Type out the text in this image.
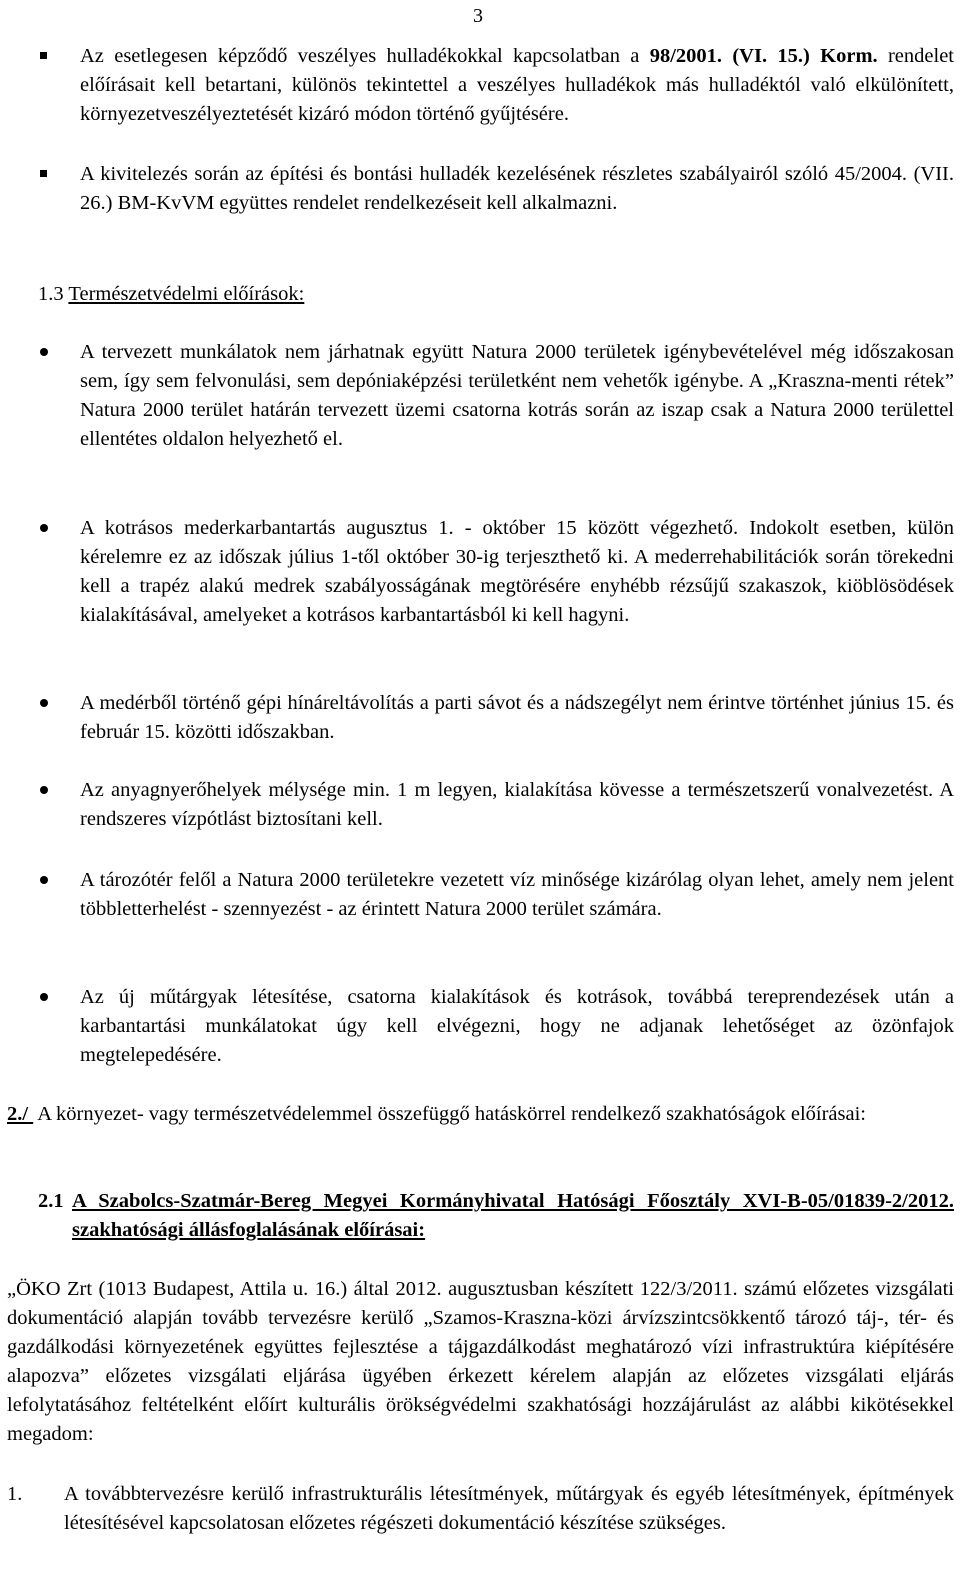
3
Az esetlegesen képződő veszélyes hulladékokkal kapcsolatban a 98/2001. (VI. 15.) Korm. rendelet előírásait kell betartani, különös tekintettel a veszélyes hulladékok más hulladéktól való elkülönített, környezetveszélyeztetését kizáró módon történő gyűjtésére.
A kivitelezés során az építési és bontási hulladék kezelésének részletes szabályairól szóló 45/2004. (VII. 26.) BM-KvVM együttes rendelet rendelkezéseit kell alkalmazni.
1.3 Természetvédelmi előírások:
A tervezett munkálatok nem járhatnak együtt Natura 2000 területek igénybevételével még időszakosan sem, így sem felvonulási, sem depóniaképzési területként nem vehetők igénybe. A „Kraszna-menti rétek” Natura 2000 terület határán tervezett üzemi csatorna kotrás során az iszap csak a Natura 2000 területtel ellentétes oldalon helyezhető el.
A kotrásos mederkarbantartás augusztus 1. - október 15 között végezhető. Indokolt esetben, külön kérelemre ez az időszak július 1-től október 30-ig terjeszthető ki. A mederrehabilitációk során törekedni kell a trapéz alakú medrek szabályosságának megtörésére enyhébb rézsűjű szakaszok, kiöblösödések kialakításával, amelyeket a kotrásos karbantartásból ki kell hagyni.
A medérből történő gépi hínáreltávolítás a parti sávot és a nádszegélyt nem érintve történhet június 15. és február 15. közötti időszakban.
Az anyagnyerőhelyek mélysége min. 1 m legyen, kialakítása kövesse a természetszerű vonalvezetést. A rendszeres vízpótlást biztosítani kell.
A tározótér felől a Natura 2000 területekre vezetett víz minősége kizárólag olyan lehet, amely nem jelent többletterhelést - szennyezést - az érintett Natura 2000 terület számára.
Az új műtárgyak létesítése, csatorna kialakítások és kotrások, továbbá tereprendezések után a karbantartási munkálatokat úgy kell elvégezni, hogy ne adjanak lehetőséget az özönfajok megtelepedésére.
2./  A környezet- vagy természetvédelemmel összefüggő hatáskörrel rendelkező szakhatóságok előírásai:
2.1 A Szabolcs-Szatmár-Bereg Megyei Kormányhivatal Hatósági Főosztály XVI-B-05/01839-2/2012. szakhatósági állásfoglalásának előírásai:
„ÖKO Zrt (1013 Budapest, Attila u. 16.) által 2012. augusztusban készített 122/3/2011. számú előzetes vizsgálati dokumentáció alapján tovább tervezésre kerülő „Szamos-Kraszna-közi árvízszintcsökkentő tározó táj-, tér- és gazdálkodási környezetének együttes fejlesztése a tájgazdálkodást meghatározó vízi infrastruktúra kiépítésére alapozva” előzetes vizsgálati eljárása ügyében érkezett kérelem alapján az előzetes vizsgálati eljárás lefolytatásához feltételként előírt kulturális örökségvédelmi szakhatósági hozzájárulást az alábbi kikötésekkel megadom:
1. A továbbtervezésre kerülő infrastrukturális létesítmények, műtárgyak és egyéb létesítmények, építmények létesítésével kapcsolatosan előzetes régészeti dokumentáció készítése szükséges.
